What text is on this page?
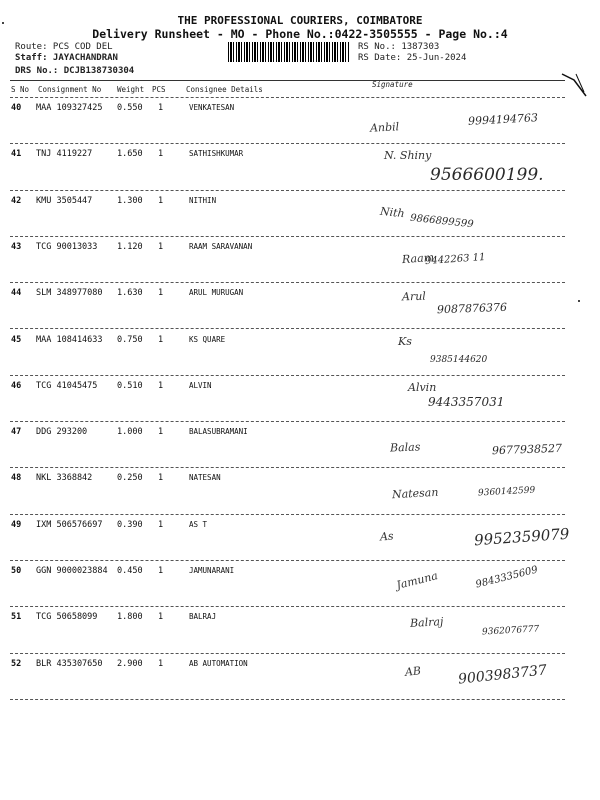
THE PROFESSIONAL COURIERS, COIMBATORE
Delivery Runsheet - MO - Phone No.:0422-3505555 - Page No.:4
Route: PCS COD DEL
Staff: JAYACHANDRAN
DRS No.: DCJB138730304
RS No.: 1387303
RS Date: 25-Jun-2024
S No Consignment No Weight PCS	Consignee Details
Signature
40 MAA 109327425 0.550 1	VENKATESAN
Anbil	9994194763
41 TNJ 4119227	1.650 1	SATHISHKUMAR	N. Shiny
9566600199.
42 KMU 3505447	1.300 1	NITHIN
Nith
9866899599
43 TCG 90013033 1.120 1	RAAM SARAVANAN
Raam
9442263 11
44 SLM 348977080 1.630 1	ARUL MURUGAN	Arul
9087876376
45 MAA 108414633 0.750 1	KS QUARE	Ks
9385144620
46 TCG 41045475 0.510 1	ALVIN	Alvin
9443357031
47 DDG 293200	1.000 1	BALASUBRAMANI
Balas	9677938527
48 NKL 3368842	0.250 1	NATESAN
Natesan	9360142599
49 IXM 506576697 0.390 1	AS T
As	9952359079
50 GGN 9000023884 0.450 1	JAMUNARANI	Jamuna	9843335609
51 TCG 50658099 1.800 1	BALRAJ	Balraj
9362076777
52 BLR 435307650 2.900 1	AB AUTOMATION
AB	9003983737
